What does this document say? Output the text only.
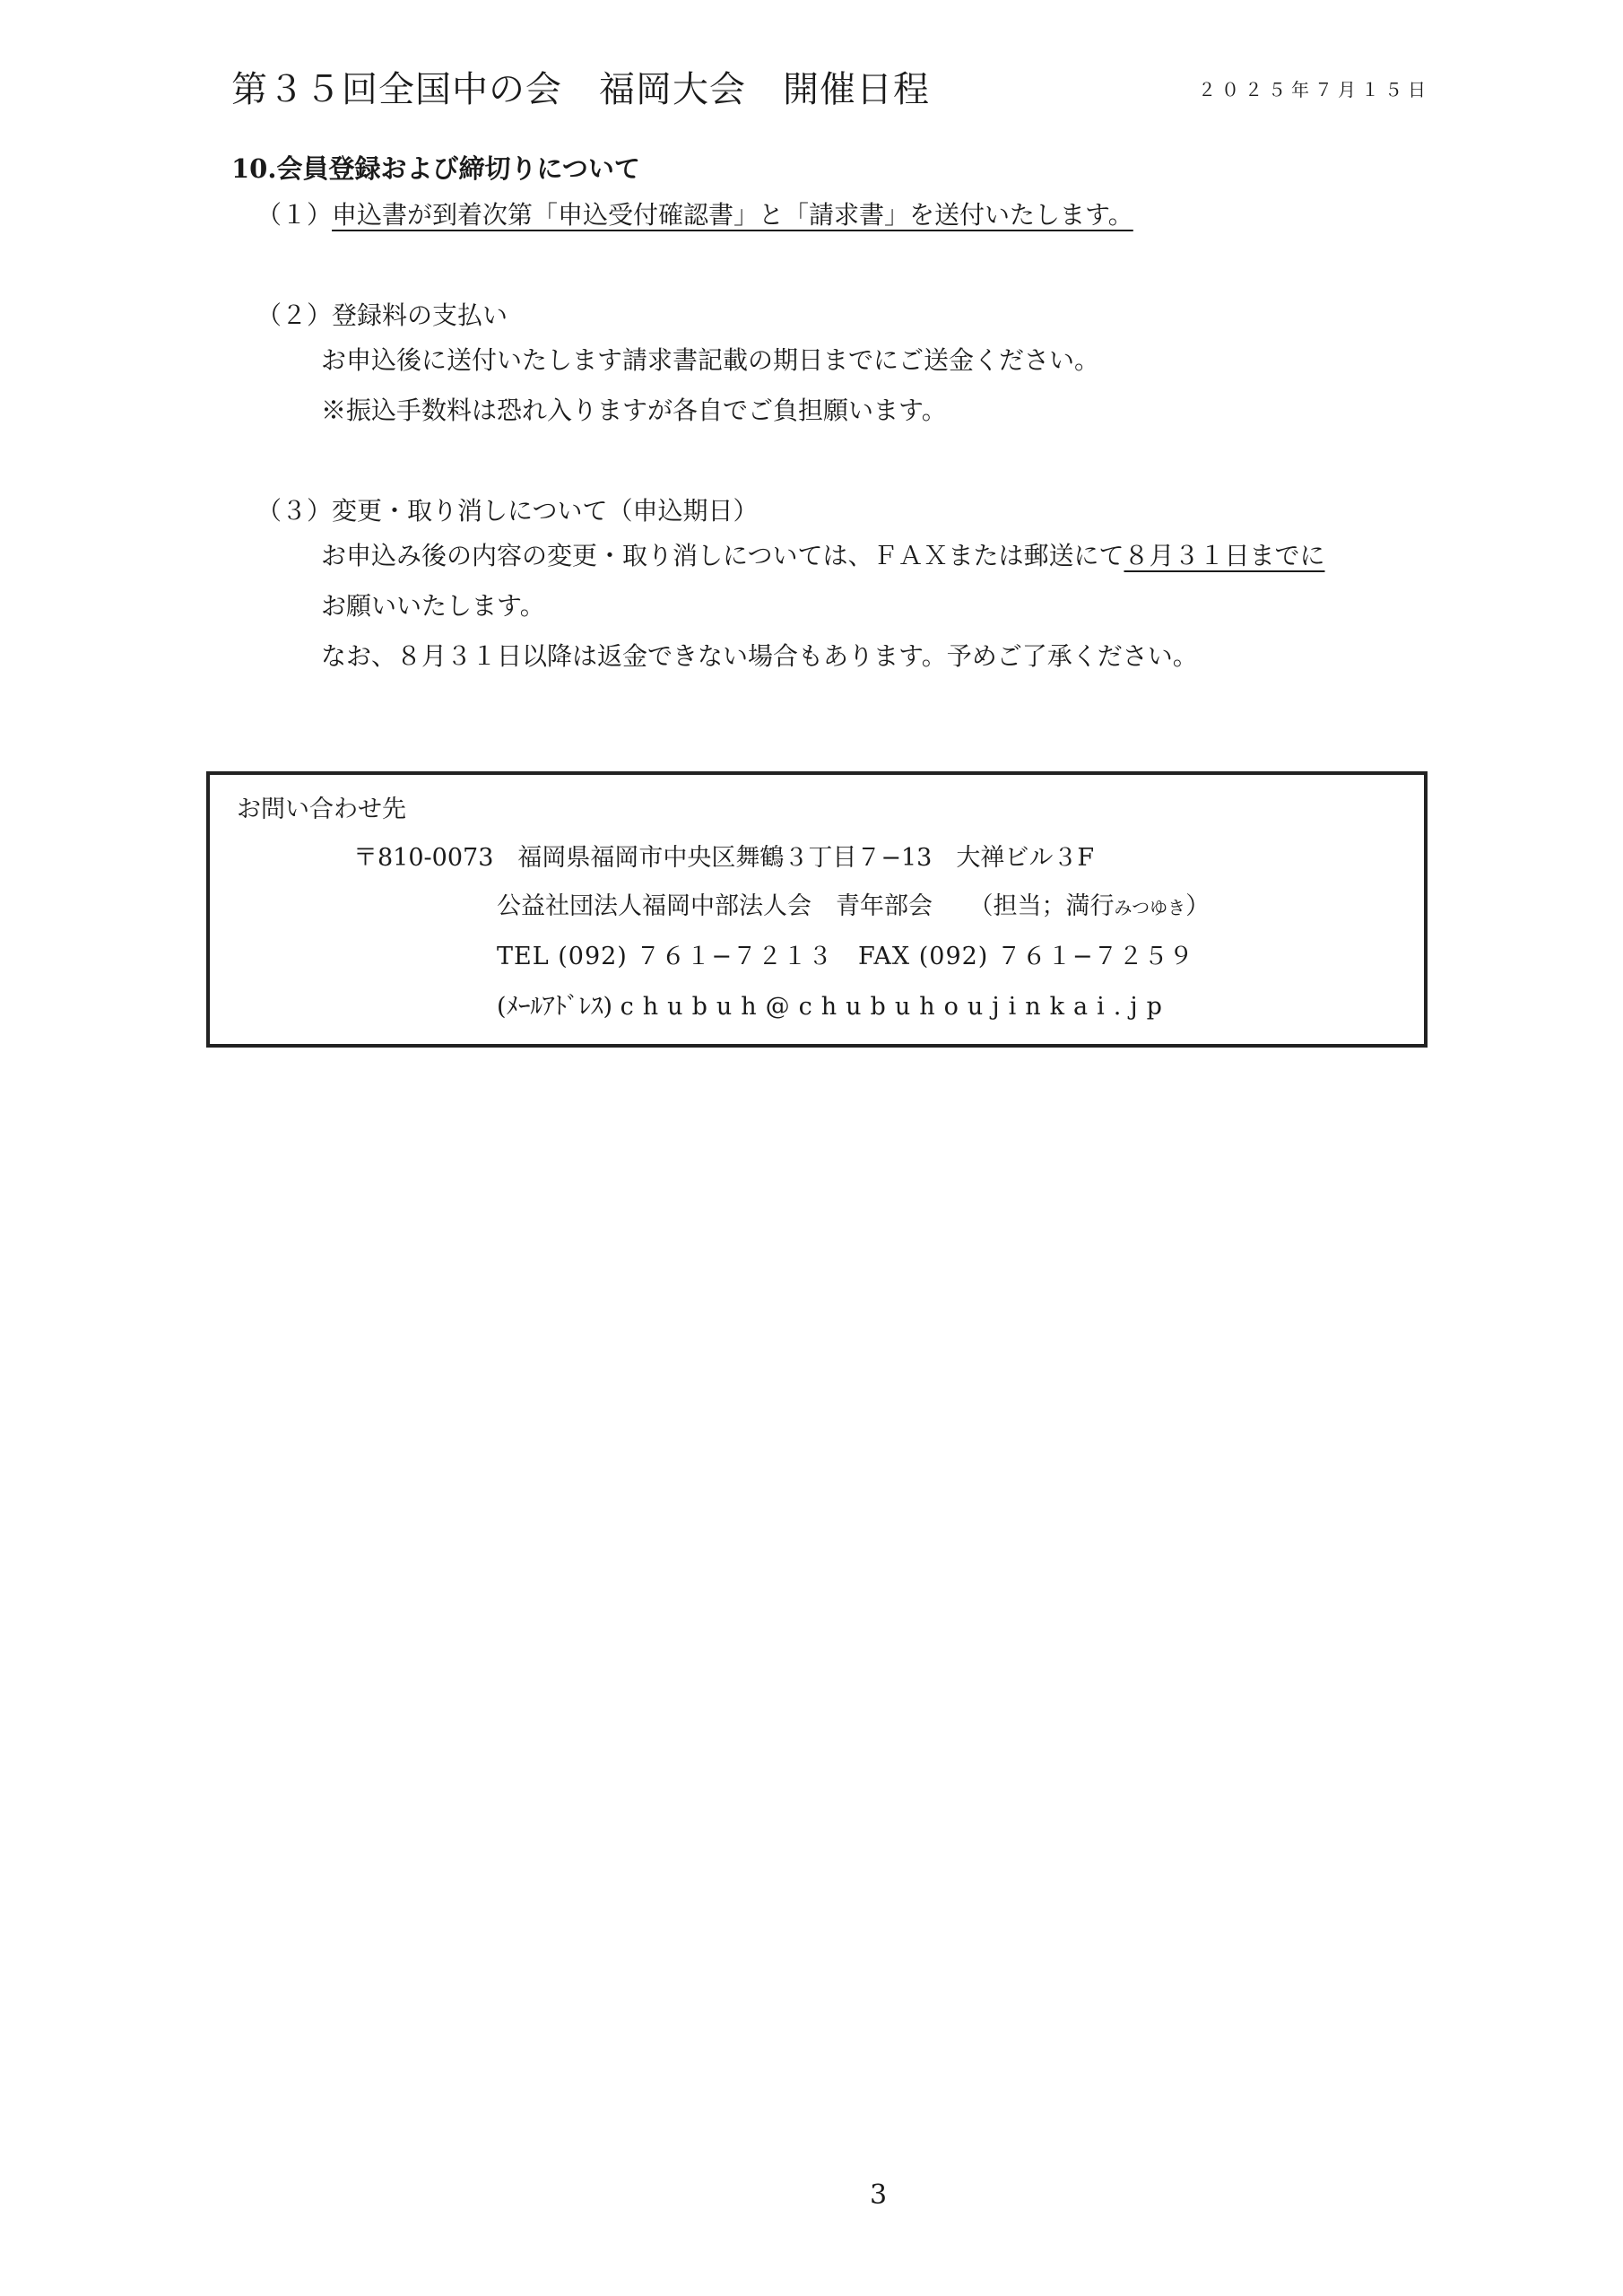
第３５回全国中の会　福岡大会　開催日程	２０２５年７月１５日
10.会員登録および締切りについて
（１）申込書が到着次第「申込受付確認書」と「請求書」を送付いたします。
（２）登録料の支払い
お申込後に送付いたします請求書記載の期日までにご送金ください。
※振込手数料は恐れ入りますが各自でご負担願います。
（３）変更・取り消しについて（申込期日）
お申込み後の内容の変更・取り消しについては、ＦＡＸまたは郵送にて８月３１日までに
お願いいたします。
なお、８月３１日以降は返金できない場合もあります。予めご了承ください。
お問い合わせ先
〒810-0073　福岡県福岡市中央区舞鶴３丁目７−13　大禅ビル３F
公益社団法人福岡中部法人会　青年部会　　（担当；満行みつゆき）
TEL (092) ７６１−７２１３　FAX (092) ７６１−７２５９
(ﾒｰﾙｱﾄﾞﾚｽ) chubuh@chubuhoujinkai.jp
3
